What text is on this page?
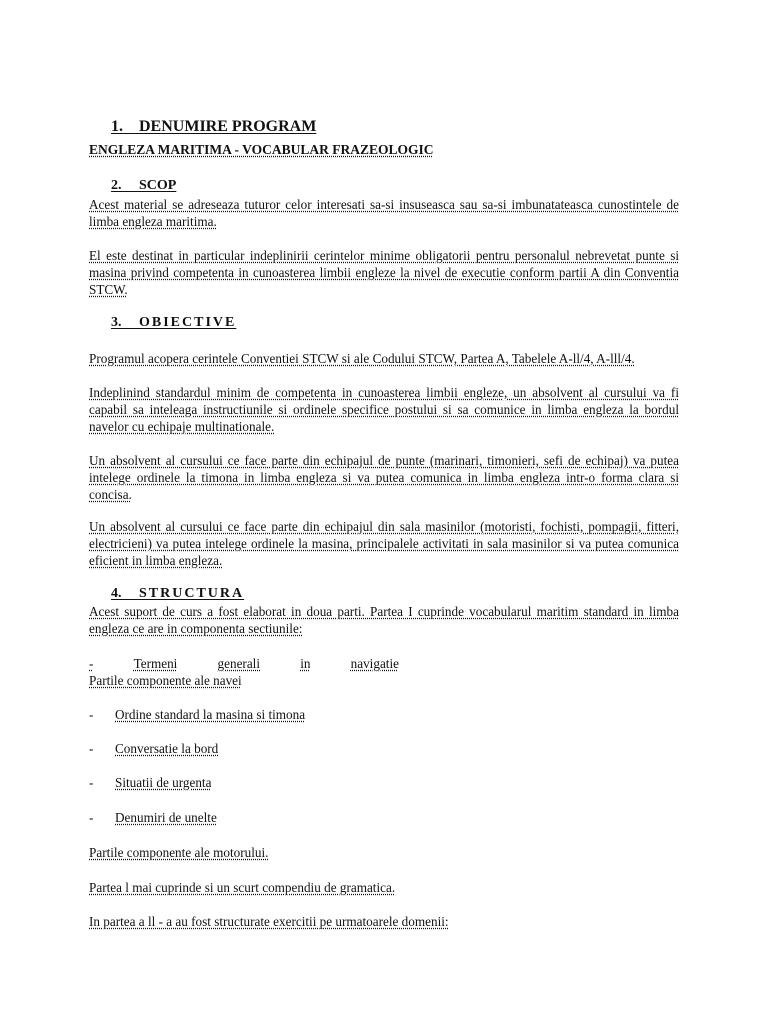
1.    DENUMIRE PROGRAM
ENGLEZA MARITIMA - VOCABULAR FRAZEOLOGIC
2. SCOP
Acest material se adreseaza tuturor celor interesati sa-si insuseasca sau sa-si imbunatateasca cunostintele de limba engleza maritima.
El este destinat in particular indeplinirii cerintelor minime obligatorii pentru personalul nebrevetat punte si masina privind competenta in cunoasterea limbii engleze la nivel de executie conform partii A din Conventia STCW.
3. OBIECTIVE
Programul acopera cerintele Conventiei STCW si ale Codului STCW, Partea A, Tabelele A-ll/4, A-lll/4.
Indeplinind standardul minim de competenta in cunoasterea limbii engleze, un absolvent al cursului va fi capabil sa inteleaga instructiunile si ordinele specifice postului si sa comunice in limba engleza la bordul navelor cu echipaje multinationale.
Un absolvent al cursului ce face parte din echipajul de punte (marinari, timonieri, sefi de echipaj) va putea intelege ordinele la timona in limba engleza si va putea comunica in limba engleza intr-o forma clara si concisa.
Un absolvent al cursului ce face parte din echipajul din sala masinilor (motoristi, fochisti, pompagii, fitteri, electricieni) va putea intelege ordinele la masina, principalele activitati in sala masinilor si va putea comunica eficient in limba engleza.
4. STRUCTURA
Acest suport de curs a fost elaborat in doua parti. Partea I cuprinde vocabularul maritim standard in limba engleza ce are in componenta sectiunile:
-	Termeni	generali	in	navigatie
Partile componente ale navei
- Ordine standard la masina si timona
- Conversatie la bord
- Situatii de urgenta
- Denumiri de unelte
Partile componente ale motorului.
Partea l mai cuprinde si un scurt compendiu de gramatica.
In partea a ll - a au fost structurate exercitii pe urmatoarele domenii:
